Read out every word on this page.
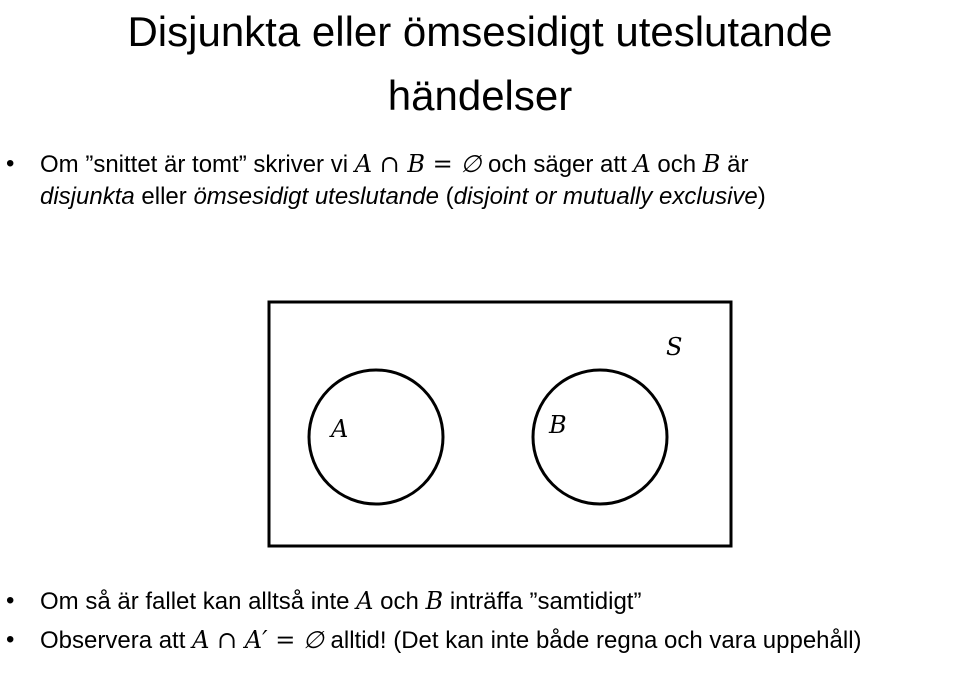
Disjunkta eller ömsesidigt uteslutande
händelser
• Om ”snittet är tomt” skriver vi A ∩ B = ∅ och säger att A och B är
disjunkta eller ömsesidigt uteslutande (disjoint or mutually exclusive)
S
A	B
• Om så är fallet kan alltså inte A och B inträffa ”samtidigt”
• Observera att A ∩ A′ = ∅ alltid! (Det kan inte både regna och vara uppehåll)
